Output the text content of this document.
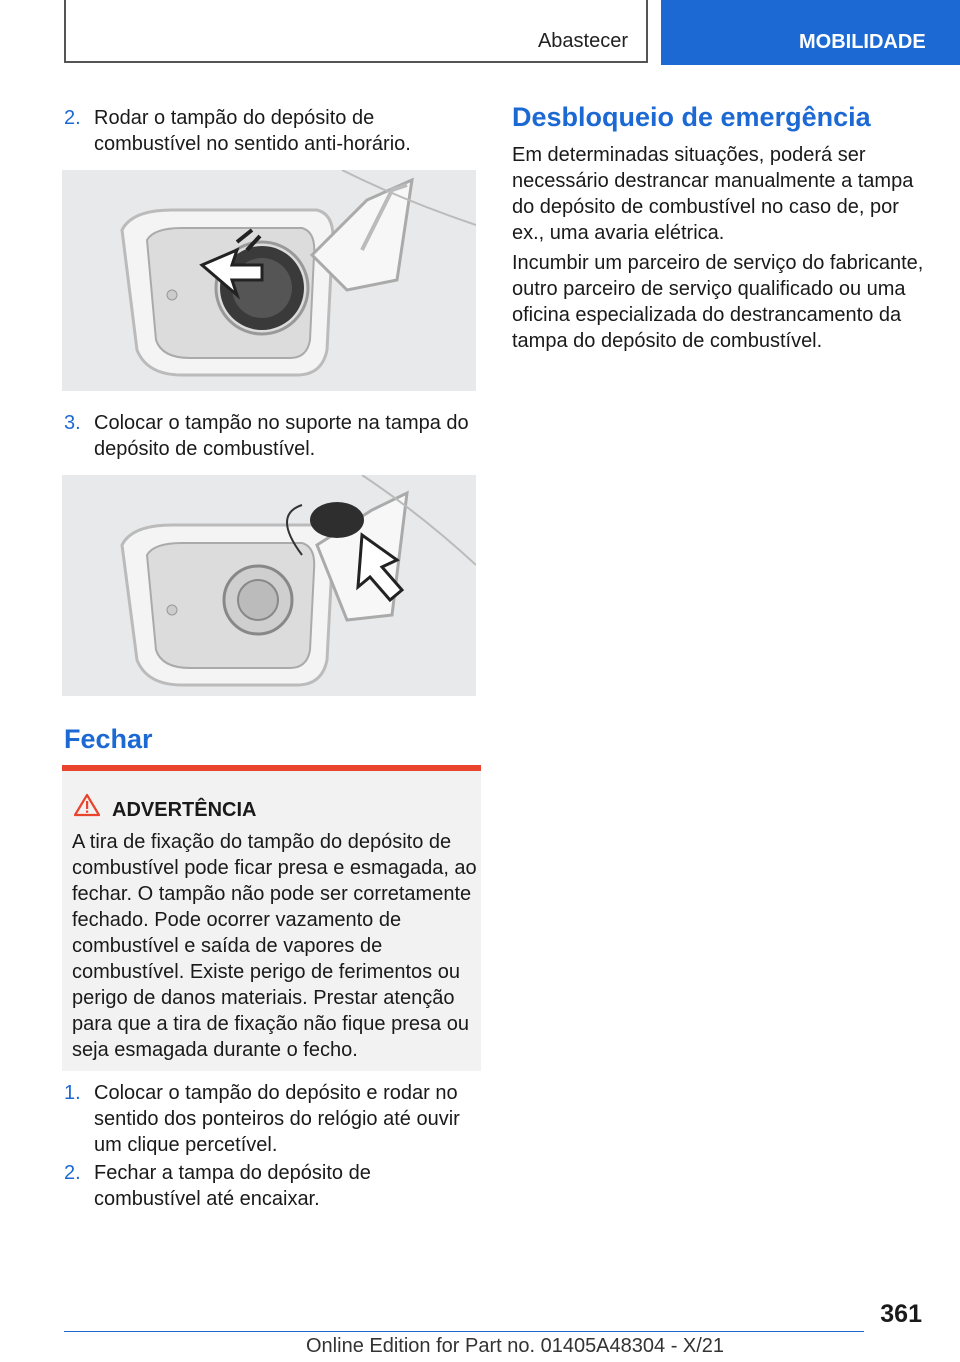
Abastecer	MOBILIDADE
2. Rodar o tampão do depósito de combustível no sentido anti-horário.
3. Colocar o tampão no suporte na tampa do depósito de combustível.
Fechar
ADVERTÊNCIA
A tira de fixação do tampão do depósito de combustível pode ficar presa e esmagada, ao fechar. O tampão não pode ser corretamente fechado. Pode ocorrer vazamento de combustível e saída de vapores de combustível. Existe perigo de ferimentos ou perigo de danos materiais. Prestar atenção para que a tira de fixação não fique presa ou seja esmagada durante o fecho.
1. Colocar o tampão do depósito e rodar no sentido dos ponteiros do relógio até ouvir um clique percetível.
2. Fechar a tampa do depósito de combustível até encaixar.
Desbloqueio de emergência
Em determinadas situações, poderá ser necessário destrancar manualmente a tampa do depósito de combustível no caso de, por ex., uma avaria elétrica.
Incumbir um parceiro de serviço do fabricante, outro parceiro de serviço qualificado ou uma oficina especializada do destrancamento da tampa do depósito de combustível.
361
Online Edition for Part no. 01405A48304 - X/21
